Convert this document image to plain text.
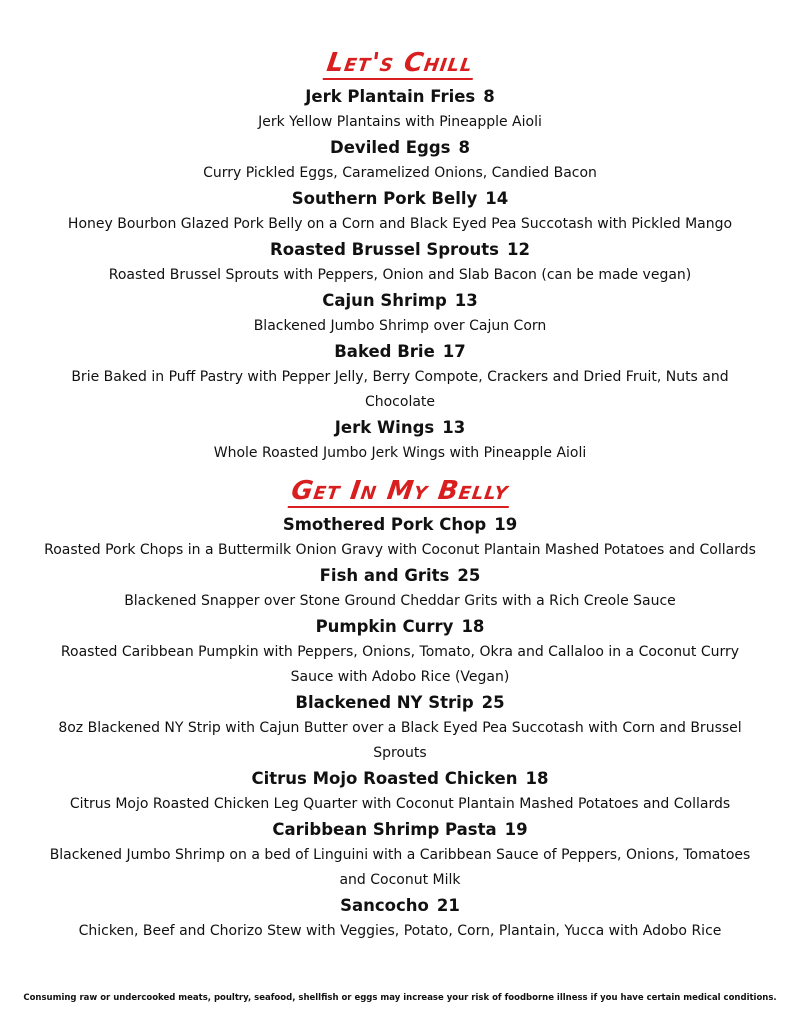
Let's Chill
Jerk Plantain Fries 8

Jerk Yellow Plantains with Pineapple Aioli

Deviled Eggs 8

Curry Pickled Eggs, Caramelized Onions, Candied Bacon

Southern Pork Belly 14

Honey Bourbon Glazed Pork Belly on a Corn and Black Eyed Pea Succotash with Pickled Mango

Roasted Brussel Sprouts 12

Roasted Brussel Sprouts with Peppers, Onion and Slab Bacon (can be made vegan)

Cajun Shrimp 13

Blackened Jumbo Shrimp over Cajun Corn

Baked Brie 17

Brie Baked in Puff Pastry with Pepper Jelly, Berry Compote, Crackers and Dried Fruit, Nuts and Chocolate

Jerk Wings 13

Whole Roasted Jumbo Jerk Wings with Pineapple Aioli

Get In My Belly
Smothered Pork Chop 19

Roasted Pork Chops in a Buttermilk Onion Gravy with Coconut Plantain Mashed Potatoes and Collards

Fish and Grits 25

Blackened Snapper over Stone Ground Cheddar Grits with a Rich Creole Sauce

Pumpkin Curry 18

Roasted Caribbean Pumpkin with Peppers, Onions, Tomato, Okra and Callaloo in a Coconut Curry Sauce with Adobo Rice (Vegan)

Blackened NY Strip 25

8oz Blackened NY Strip with Cajun Butter over a Black Eyed Pea Succotash with Corn and Brussel Sprouts

Citrus Mojo Roasted Chicken 18

Citrus Mojo Roasted Chicken Leg Quarter with Coconut Plantain Mashed Potatoes and Collards

Caribbean Shrimp Pasta 19

Blackened Jumbo Shrimp on a bed of Linguini with a Caribbean Sauce of Peppers, Onions, Tomatoes and Coconut Milk

Sancocho 21

Chicken, Beef and Chorizo Stew with Veggies, Potato, Corn, Plantain, Yucca with Adobo Rice

Consuming raw or undercooked meats, poultry, seafood, shellfish or eggs may increase your risk of foodborne illness if you have certain medical conditions.
